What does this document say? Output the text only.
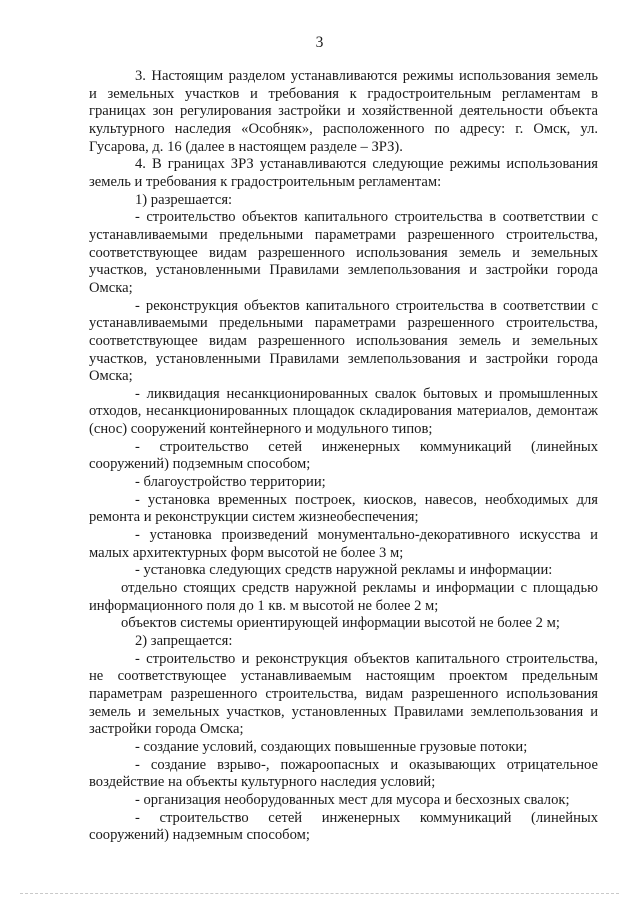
3

3. Настоящим разделом устанавливаются режимы использования земель и земельных участков и требования к градостроительным регламентам в границах зон регулирования застройки и хозяйственной деятельности объекта культурного наследия «Особняк», расположенного по адресу: г. Омск, ул. Гусарова, д. 16 (далее в настоящем разделе – ЗРЗ).

4. В границах ЗРЗ устанавливаются следующие режимы использования земель и требования к градостроительным регламентам:

1) разрешается:

- строительство объектов капитального строительства в соответствии с устанавливаемыми предельными параметрами разрешенного строительства, соответствующее видам разрешенного использования земель и земельных участков, установленными Правилами землепользования и застройки города Омска;

- реконструкция объектов капитального строительства в соответствии с устанавливаемыми предельными параметрами разрешенного строительства, соответствующее видам разрешенного использования земель и земельных участков, установленными Правилами землепользования и застройки города Омска;

- ликвидация несанкционированных свалок бытовых и промышленных отходов, несанкционированных площадок складирования материалов, демонтаж (снос) сооружений контейнерного и модульного типов;

- строительство сетей инженерных коммуникаций (линейных сооружений) подземным способом;

- благоустройство территории;

- установка временных построек, киосков, навесов, необходимых для ремонта и реконструкции систем жизнеобеспечения;

- установка произведений монументально-декоративного искусства и малых архитектурных форм высотой не более 3 м;

- установка следующих средств наружной рекламы и информации:

отдельно стоящих средств наружной рекламы и информации с площадью информационного поля до 1 кв. м высотой не более 2 м;

объектов системы ориентирующей информации высотой не более 2 м;

2) запрещается:

- строительство и реконструкция объектов капитального строительства, не соответствующее устанавливаемым настоящим проектом предельным параметрам разрешенного строительства, видам разрешенного использования земель и земельных участков, установленных Правилами землепользования и застройки города Омска;

- создание условий, создающих повышенные грузовые потоки;

- создание взрыво-, пожароопасных и оказывающих отрицательное воздействие на объекты культурного наследия условий;

- организация необорудованных мест для мусора и бесхозных свалок;

- строительство сетей инженерных коммуникаций (линейных сооружений) надземным способом;
